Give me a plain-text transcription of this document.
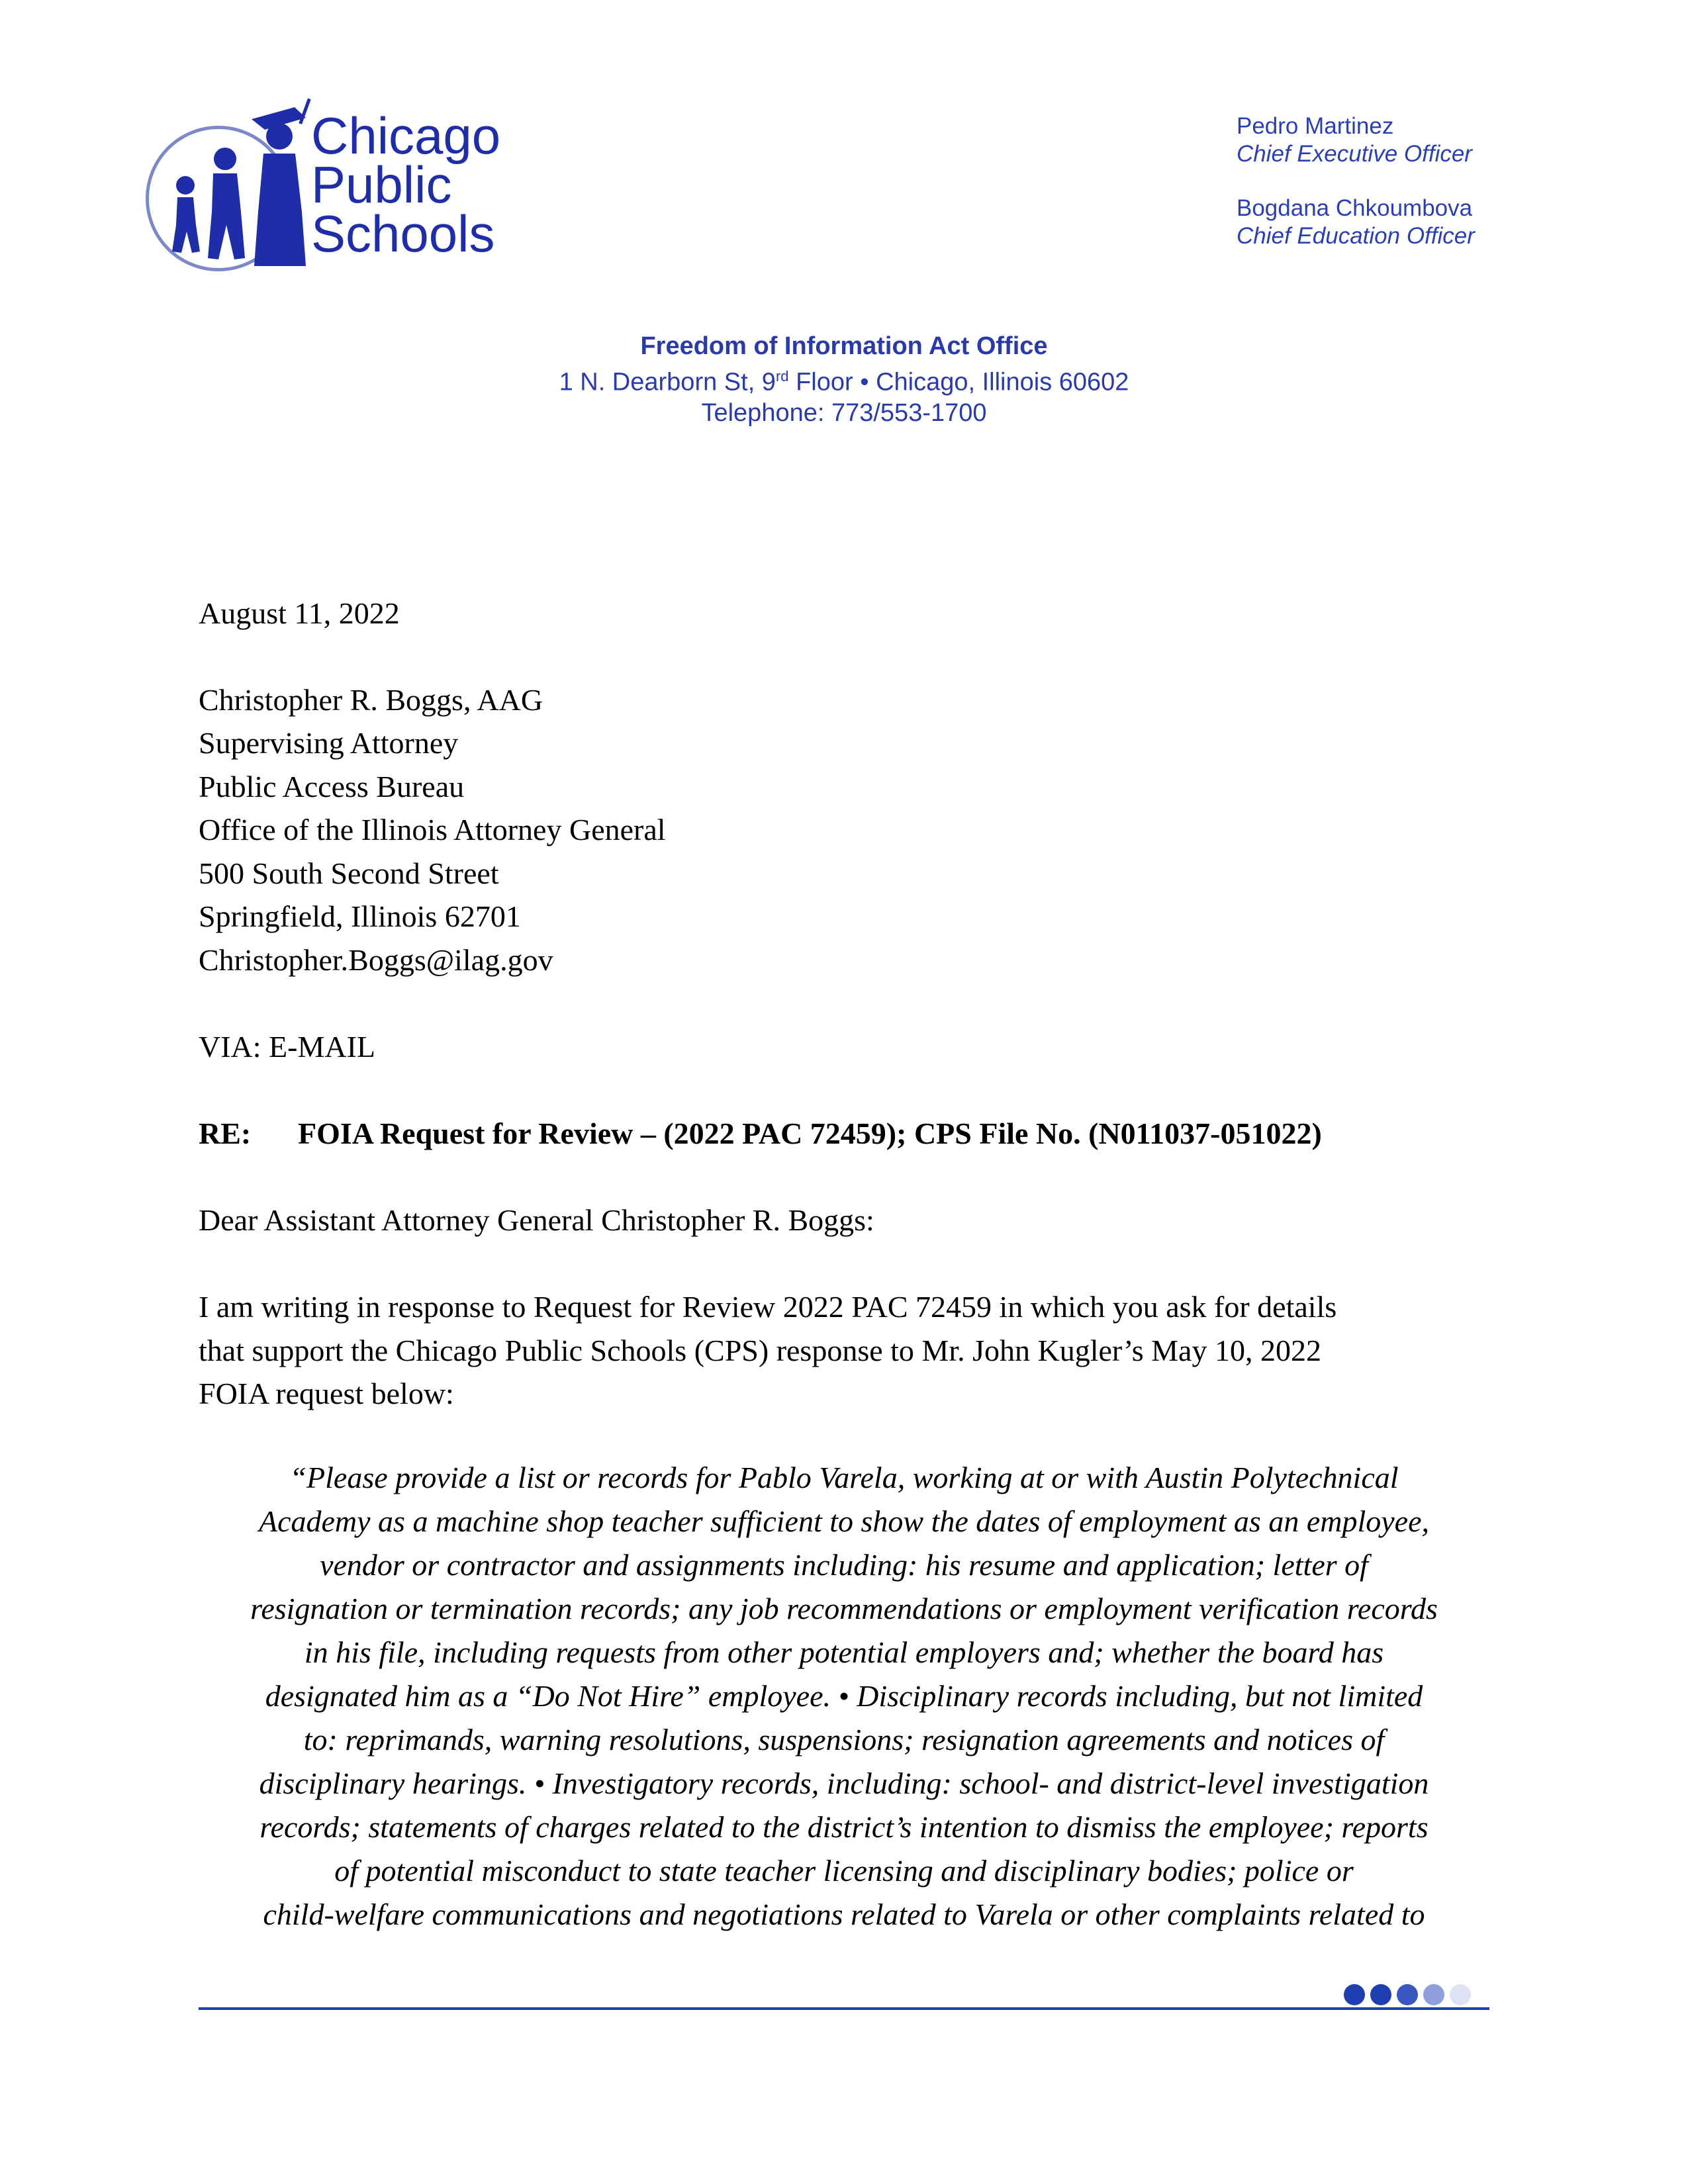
Chicago
Public
Schools
Pedro Martinez
Chief Executive Officer
Bogdana Chkoumbova
Chief Education Officer
Freedom of Information Act Office
1 N. Dearborn St, 9rd Floor • Chicago, Illinois 60602
Telephone: 773/553-1700
August 11, 2022
Christopher R. Boggs, AAG
Supervising Attorney
Public Access Bureau
Office of the Illinois Attorney General
500 South Second Street
Springfield, Illinois 62701
Christopher.Boggs@ilag.gov
VIA: E-MAIL
RE: FOIA Request for Review – (2022 PAC 72459); CPS File No. (N011037-051022)
Dear Assistant Attorney General Christopher R. Boggs:
I am writing in response to Request for Review 2022 PAC 72459 in which you ask for details
that support the Chicago Public Schools (CPS) response to Mr. John Kugler’s May 10, 2022
FOIA request below:
“Please provide a list or records for Pablo Varela, working at or with Austin Polytechnical
Academy as a machine shop teacher sufficient to show the dates of employment as an employee,
vendor or contractor and assignments including: his resume and application; letter of
resignation or termination records; any job recommendations or employment verification records
in his file, including requests from other potential employers and; whether the board has
designated him as a “Do Not Hire” employee. • Disciplinary records including, but not limited
to: reprimands, warning resolutions, suspensions; resignation agreements and notices of
disciplinary hearings. • Investigatory records, including: school- and district-level investigation
records; statements of charges related to the district’s intention to dismiss the employee; reports
of potential misconduct to state teacher licensing and disciplinary bodies; police or
child-welfare communications and negotiations related to Varela or other complaints related to
